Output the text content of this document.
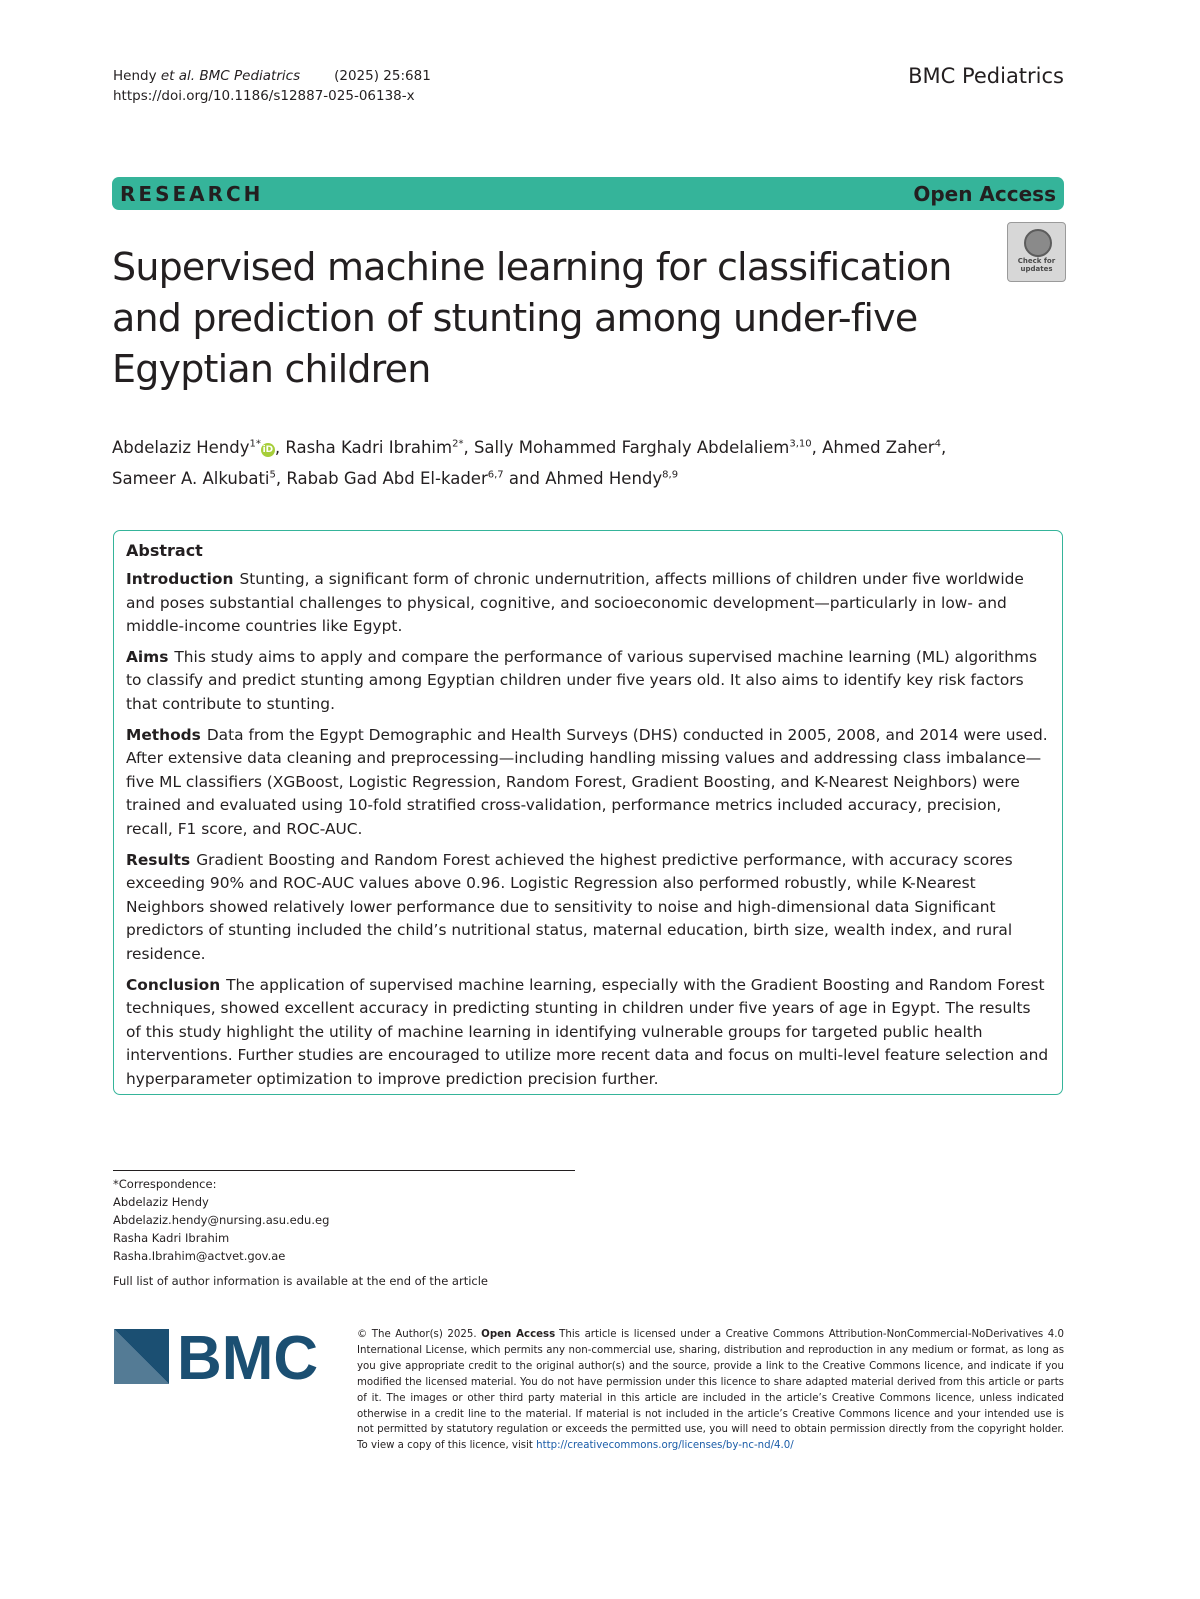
Hendy et al. BMC Pediatrics	(2025) 25:681
https://doi.org/10.1186/s12887-025-06138-x
BMC Pediatrics
RESEARCH	Open Access
Supervised machine learning for classification and prediction of stunting among under-five Egyptian children
Check for updates
Abdelaziz Hendy$^{1*}$iD , Rasha Kadri Ibrahim$^{2*}$, Sally Mohammed Farghaly Abdelaliem$^{3,10}$, Ahmed Zaher$^4$,
Sameer A. Alkubati$^5$, Rabab Gad Abd El-kader$^{6,7}$ and Ahmed Hendy$^{8,9}$
Abstract

Introduction Stunting, a significant form of chronic undernutrition, affects millions of children under five worldwide and poses substantial challenges to physical, cognitive, and socioeconomic development—particularly in low- and middle-income countries like Egypt.

Aims This study aims to apply and compare the performance of various supervised machine learning (ML) algorithms to classify and predict stunting among Egyptian children under five years old. It also aims to identify key risk factors that contribute to stunting.

Methods Data from the Egypt Demographic and Health Surveys (DHS) conducted in 2005, 2008, and 2014 were used. After extensive data cleaning and preprocessing—including handling missing values and addressing class imbalance—five ML classifiers (XGBoost, Logistic Regression, Random Forest, Gradient Boosting, and K-Nearest Neighbors) were trained and evaluated using 10-fold stratified cross-validation, performance metrics included accuracy, precision, recall, F1 score, and ROC-AUC.

Results Gradient Boosting and Random Forest achieved the highest predictive performance, with accuracy scores exceeding 90% and ROC-AUC values above 0.96. Logistic Regression also performed robustly, while K-Nearest Neighbors showed relatively lower performance due to sensitivity to noise and high-dimensional data Significant predictors of stunting included the child’s nutritional status, maternal education, birth size, wealth index, and rural residence.

Conclusion The application of supervised machine learning, especially with the Gradient Boosting and Random Forest techniques, showed excellent accuracy in predicting stunting in children under five years of age in Egypt. The results of this study highlight the utility of machine learning in identifying vulnerable groups for targeted public health interventions. Further studies are encouraged to utilize more recent data and focus on multi-level feature selection and hyperparameter optimization to improve prediction precision further.

*Correspondence:
Abdelaziz Hendy
Abdelaziz.hendy@nursing.asu.edu.eg
Rasha Kadri Ibrahim
Rasha.Ibrahim@actvet.gov.ae
Full list of author information is available at the end of the article
BMC	© The Author(s) 2025. Open Access This article is licensed under a Creative Commons Attribution-NonCommercial-NoDerivatives 4.0 International License, which permits any non-commercial use, sharing, distribution and reproduction in any medium or format, as long as you give appropriate credit to the original author(s) and the source, provide a link to the Creative Commons licence, and indicate if you modified the licensed material. You do not have permission under this licence to share adapted material derived from this article or parts of it. The images or other third party material in this article are included in the article’s Creative Commons licence, unless indicated otherwise in a credit line to the material. If material is not included in the article’s Creative Commons licence and your intended use is not permitted by statutory regulation or exceeds the permitted use, you will need to obtain permission directly from the copyright holder. To view a copy of this licence, visit http://creativecommons.org/licenses/by-nc-nd/4.0/
